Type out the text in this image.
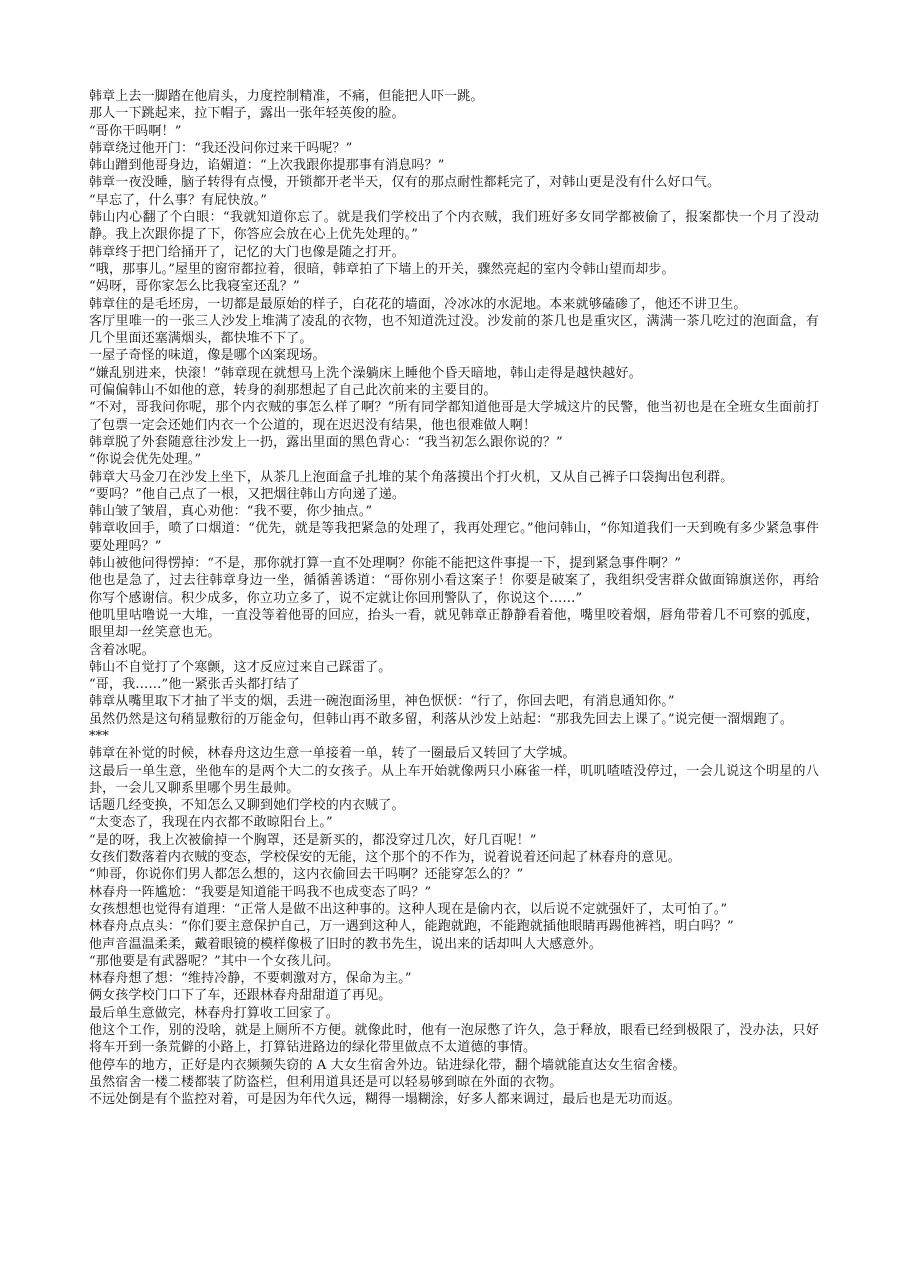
韩章上去一脚踏在他肩头，力度控制精准，不痛，但能把人吓一跳。

那人一下跳起来，拉下帽子，露出一张年轻英俊的脸。

“哥你干吗啊！”

韩章绕过他开门：“我还没问你过来干吗呢？”

韩山蹭到他哥身边，谄媚道：“上次我跟你提那事有消息吗？”

韩章一夜没睡，脑子转得有点慢，开锁都开老半天，仅有的那点耐性都耗完了，对韩山更是没有什么好口气。

“早忘了，什么事？有屁快放。”

韩山内心翻了个白眼：“我就知道你忘了。就是我们学校出了个内衣贼，我们班好多女同学都被偷了，报案都快一个月了没动静。我上次跟你提了下，你答应会放在心上优先处理的。”

韩章终于把门给捅开了，记忆的大门也像是随之打开。

“哦，那事儿。”屋里的窗帘都拉着，很暗，韩章拍了下墙上的开关，骤然亮起的室内令韩山望而却步。

“妈呀，哥你家怎么比我寝室还乱？”

韩章住的是毛坯房，一切都是最原始的样子，白花花的墙面，冷冰冰的水泥地。本来就够磕碜了，他还不讲卫生。

客厅里唯一的一张三人沙发上堆满了凌乱的衣物，也不知道洗过没。沙发前的茶几也是重灾区，满满一茶几吃过的泡面盒，有几个里面还塞满烟头，都快堆不下了。

一屋子奇怪的味道，像是哪个凶案现场。

“嫌乱别进来，快滚！”韩章现在就想马上洗个澡躺床上睡他个昏天暗地，韩山走得是越快越好。

可偏偏韩山不如他的意，转身的刹那想起了自己此次前来的主要目的。

“不对，哥我问你呢，那个内衣贼的事怎么样了啊？”所有同学都知道他哥是大学城这片的民警，他当初也是在全班女生面前打了包票一定会还她们内衣一个公道的，现在迟迟没有结果，他也很难做人啊！

韩章脱了外套随意往沙发上一扔，露出里面的黑色背心：“我当初怎么跟你说的？”

“你说会优先处理。”

韩章大马金刀在沙发上坐下，从茶几上泡面盒子扎堆的某个角落摸出个打火机，又从自己裤子口袋掏出包利群。

“要吗？”他自己点了一根，又把烟往韩山方向递了递。

韩山皱了皱眉，真心劝他：“我不要，你少抽点。”

韩章收回手，喷了口烟道：“优先，就是等我把紧急的处理了，我再处理它。”他问韩山，“你知道我们一天到晚有多少紧急事件要处理吗？”

韩山被他问得愣掉：“不是，那你就打算一直不处理啊？你能不能把这件事提一下，提到紧急事件啊？”

他也是急了，过去往韩章身边一坐，循循善诱道：“哥你别小看这案子！你要是破案了，我组织受害群众做面锦旗送你，再给你写个感谢信。积少成多，你立功立多了，说不定就让你回刑警队了，你说这个……”

他叽里咕噜说一大堆，一直没等着他哥的回应，抬头一看，就见韩章正静静看着他，嘴里咬着烟，唇角带着几不可察的弧度，眼里却一丝笑意也无。

含着冰呢。

韩山不自觉打了个寒颤，这才反应过来自己踩雷了。

“哥，我……”他一紧张舌头都打结了

韩章从嘴里取下才抽了半支的烟，丢进一碗泡面汤里，神色恹恹：“行了，你回去吧，有消息通知你。”

虽然仍然是这句稍显敷衍的万能金句，但韩山再不敢多留，利落从沙发上站起：“那我先回去上课了。”说完便一溜烟跑了。

***

韩章在补觉的时候，林春舟这边生意一单接着一单，转了一圈最后又转回了大学城。

这最后一单生意，坐他车的是两个大二的女孩子。从上车开始就像两只小麻雀一样，叽叽喳喳没停过，一会儿说这个明星的八卦，一会儿又聊系里哪个男生最帅。

话题几经变换，不知怎么又聊到她们学校的内衣贼了。

“太变态了，我现在内衣都不敢晾阳台上。”

“是的呀，我上次被偷掉一个胸罩，还是新买的，都没穿过几次，好几百呢！”

女孩们数落着内衣贼的变态，学校保安的无能，这个那个的不作为，说着说着还问起了林春舟的意见。

“帅哥，你说你们男人都怎么想的，这内衣偷回去干吗啊？还能穿怎么的？”

林春舟一阵尴尬：“我要是知道能干吗我不也成变态了吗？”

女孩想想也觉得有道理：“正常人是做不出这种事的。这种人现在是偷内衣，以后说不定就强奸了，太可怕了。”

林春舟点点头：“你们要主意保护自己，万一遇到这种人，能跑就跑，不能跑就插他眼睛再踢他裤裆，明白吗？”

他声音温温柔柔，戴着眼镜的模样像极了旧时的教书先生，说出来的话却叫人大感意外。

“那他要是有武器呢？”其中一个女孩儿问。

林春舟想了想：“维持冷静，不要刺激对方，保命为主。”

俩女孩学校门口下了车，还跟林春舟甜甜道了再见。

最后单生意做完，林春舟打算收工回家了。

他这个工作，别的没啥，就是上厕所不方便。就像此时，他有一泡尿憋了许久，急于释放，眼看已经到极限了，没办法，只好将车开到一条荒僻的小路上，打算钻进路边的绿化带里做点不太道德的事情。

他停车的地方，正好是内衣频频失窃的 A 大女生宿舍外边。钻进绿化带，翻个墙就能直达女生宿舍楼。

虽然宿舍一楼二楼都装了防盗栏，但利用道具还是可以轻易够到晾在外面的衣物。

不远处倒是有个监控对着，可是因为年代久远，糊得一塌糊涂，好多人都来调过，最后也是无功而返。
